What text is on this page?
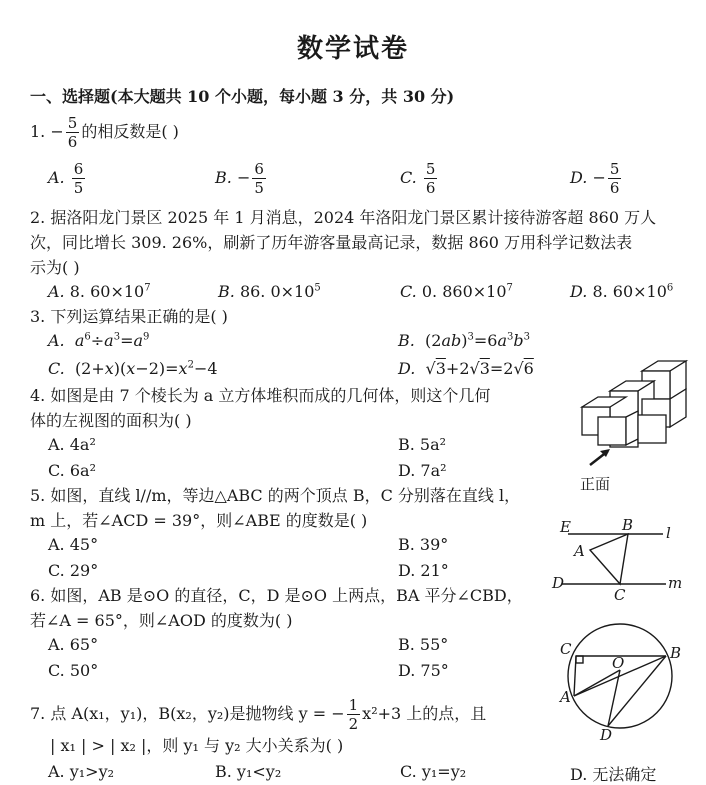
数学试卷
一、选择题(本大题共 10 个小题，每小题 3 分，共 30 分)
1. − $\frac{5}{6}$ 的相反数是( )
A. $\frac{6}{5}$	B. − $\frac{6}{5}$	C. $\frac{5}{6}$	D. − $\frac{5}{6}$
2. 据洛阳龙门景区 2025 年 1 月消息，2024 年洛阳龙门景区累计接待游客超 860 万人
次，同比增长 309. 26%，刷新了历年游客量最高记录，数据 860 万用科学记数法表
示为( )
A. 8. $60\times 10^7$	B. 86. $0\times 10^5$	C. 0. $860\times 10^7$	D. 8. $60\times 10^6$
3. 下列运算结果正确的是( )
A. $a^6\div a^3=a^9$	B.  $(2ab)^3=6a^3b^3$
C.  $(2+x)(x-2)=x^2-4$	D.  √3+2√3=2√6
4. 如图是由 7 个棱长为 a 立方体堆积而成的几何体，则这个几何
体的左视图的面积为( )
A. 4a²	B. 5a²
C. 6a²	D. 7a²
正面
5. 如图，直线 l//m，等边△ABC 的两个顶点 B，C 分别落在直线 l，
m 上，若∠ACD = 39°，则∠ABE 的度数是( )
A. 45°	B. 39°
C. 29°	D. 21°
E	B l
A
D
C
m
6. 如图，AB 是⊙O 的直径，C，D 是⊙O 上两点，BA 平分∠CBD，
若∠A = 65°，则∠AOD 的度数为( )
A. 65°	B. 55°
C. 50°	D. 75°
C
O
B
A
D
7. 点 A(x₁，y₁)，B(x₂，y₂)是抛物线 y = − $\frac{1}{2} x^2+3$ 上的点，且
| x₁ | > | x₂ |，则 y₁ 与 y₂ 大小关系为( )
A. y₁>y₂	B. y₁<y₂	C. y₁=y₂	D. 无法确定
